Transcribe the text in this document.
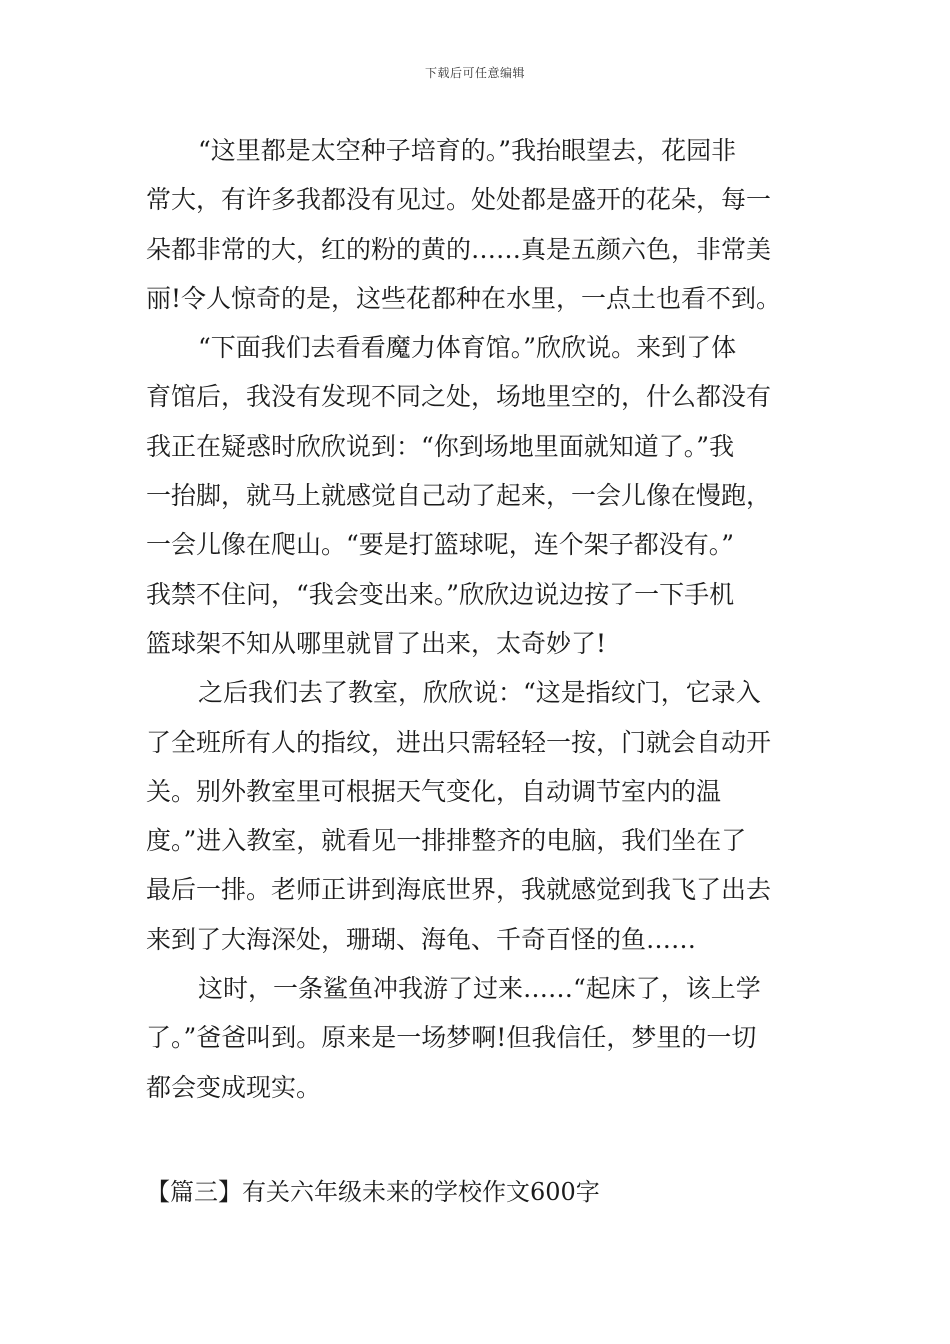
下载后可任意编辑
“这里都是太空种子培育的。”我抬眼望去，花园非
常大，有许多我都没有见过。处处都是盛开的花朵，每一
朵都非常的大，红的粉的黄的……真是五颜六色，非常美
丽!令人惊奇的是，这些花都种在水里，一点土也看不到。
“下面我们去看看魔力体育馆。”欣欣说。来到了体
育馆后，我没有发现不同之处，场地里空的，什么都没有
我正在疑惑时欣欣说到：“你到场地里面就知道了。”我
一抬脚，就马上就感觉自己动了起来，一会儿像在慢跑，
一会儿像在爬山。“要是打篮球呢，连个架子都没有。”
我禁不住问，“我会变出来。”欣欣边说边按了一下手机
篮球架不知从哪里就冒了出来，太奇妙了!
之后我们去了教室，欣欣说：“这是指纹门，它录入
了全班所有人的指纹，进出只需轻轻一按，门就会自动开
关。别外教室里可根据天气变化，自动调节室内的温
度。”进入教室，就看见一排排整齐的电脑，我们坐在了
最后一排。老师正讲到海底世界，我就感觉到我飞了出去
来到了大海深处，珊瑚、海龟、千奇百怪的鱼……
这时，一条鲨鱼冲我游了过来……“起床了，该上学
了。”爸爸叫到。原来是一场梦啊!但我信任，梦里的一切
都会变成现实。
【篇三】有关六年级未来的学校作文600字
